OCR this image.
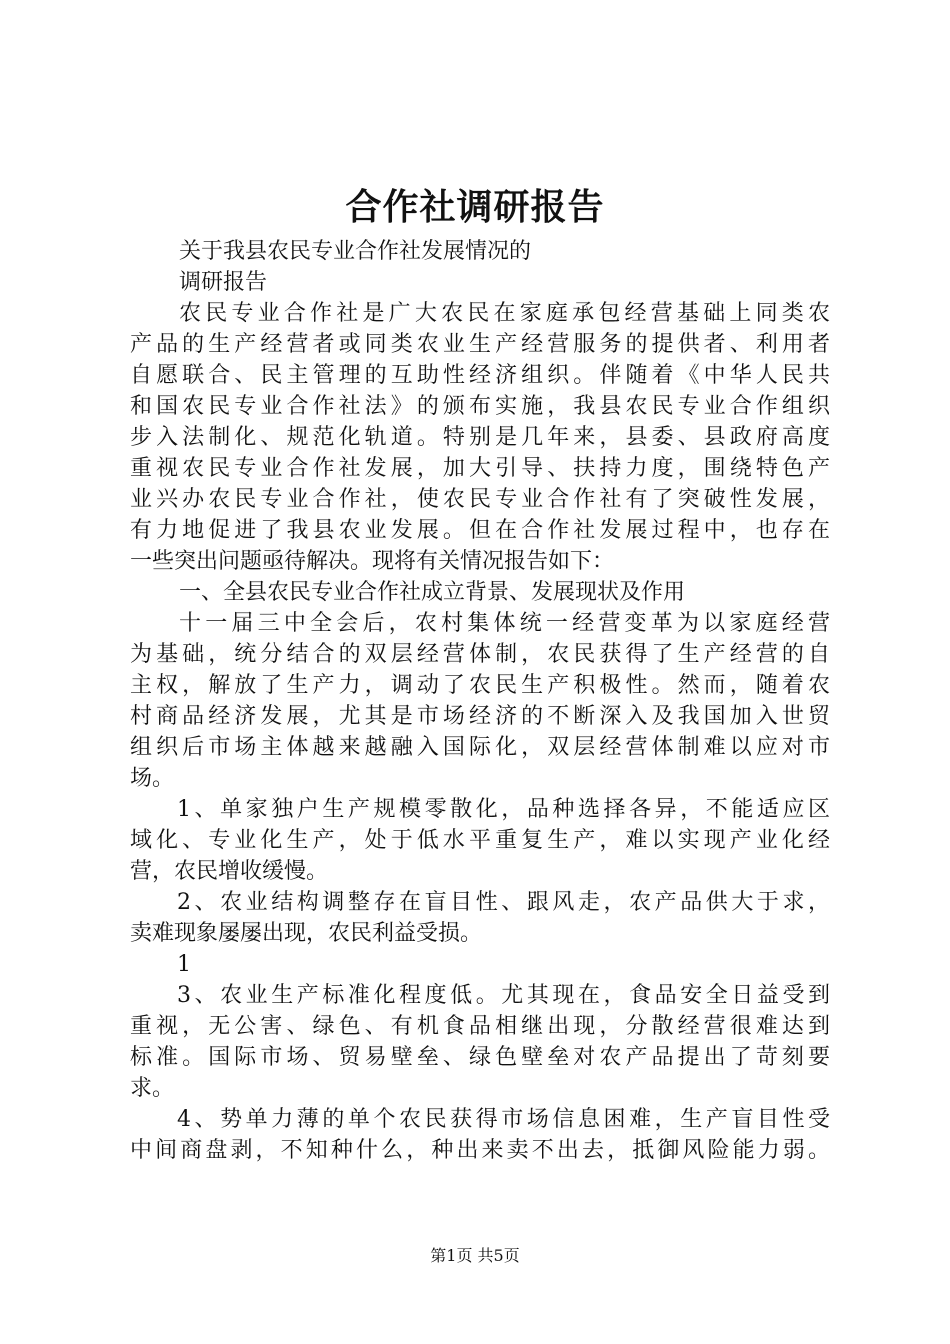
合作社调研报告
关于我县农民专业合作社发展情况的
调研报告
农民专业合作社是广大农民在家庭承包经营基础上同类农
产品的生产经营者或同类农业生产经营服务的提供者、利用者
自愿联合、民主管理的互助性经济组织。伴随着《中华人民共
和国农民专业合作社法》的颁布实施，我县农民专业合作组织
步入法制化、规范化轨道。特别是几年来，县委、县政府高度
重视农民专业合作社发展，加大引导、扶持力度，围绕特色产
业兴办农民专业合作社，使农民专业合作社有了突破性发展，
有力地促进了我县农业发展。但在合作社发展过程中，也存在
一些突出问题亟待解决。现将有关情况报告如下：
一、全县农民专业合作社成立背景、发展现状及作用
十一届三中全会后，农村集体统一经营变革为以家庭经营
为基础，统分结合的双层经营体制，农民获得了生产经营的自
主权，解放了生产力，调动了农民生产积极性。然而，随着农
村商品经济发展，尤其是市场经济的不断深入及我国加入世贸
组织后市场主体越来越融入国际化，双层经营体制难以应对市
场。
1、单家独户生产规模零散化，品种选择各异，不能适应区
域化、专业化生产，处于低水平重复生产，难以实现产业化经
营，农民增收缓慢。
2、农业结构调整存在盲目性、跟风走，农产品供大于求，
卖难现象屡屡出现，农民利益受损。
1
3、农业生产标准化程度低。尤其现在，食品安全日益受到
重视，无公害、绿色、有机食品相继出现，分散经营很难达到
标准。国际市场、贸易壁垒、绿色壁垒对农产品提出了苛刻要
求。
4、势单力薄的单个农民获得市场信息困难，生产盲目性受
中间商盘剥，不知种什么，种出来卖不出去，抵御风险能力弱。
第1页 共5页
